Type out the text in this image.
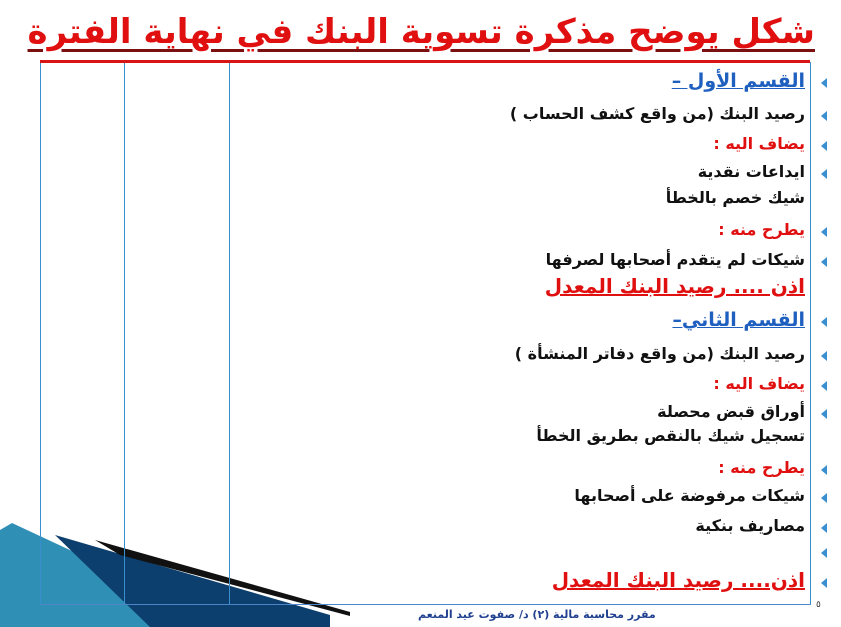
شكل يوضح مذكرة تسوية البنك في نهاية الفترة
القسم الأول –
رصيد البنك (من واقع كشف الحساب )
يضاف اليه :
ايداعات نقدية
شيك خصم بالخطأ
يطرح منه :
شيكات لم يتقدم أصحابها لصرفها
اذن .... رصيد البنك المعدل
القسم الثاني–
رصيد البنك (من واقع دفاتر المنشأة )
يضاف اليه :
أوراق قبض محصلة
تسجيل شيك بالنقص بطريق الخطأ
يطرح منه :
شيكات مرفوضة على أصحابها
مصاريف بنكية
اذن.... رصيد البنك المعدل
مقرر محاسبة مالية (٢) د/ صفوت عيد المنعم
٥
